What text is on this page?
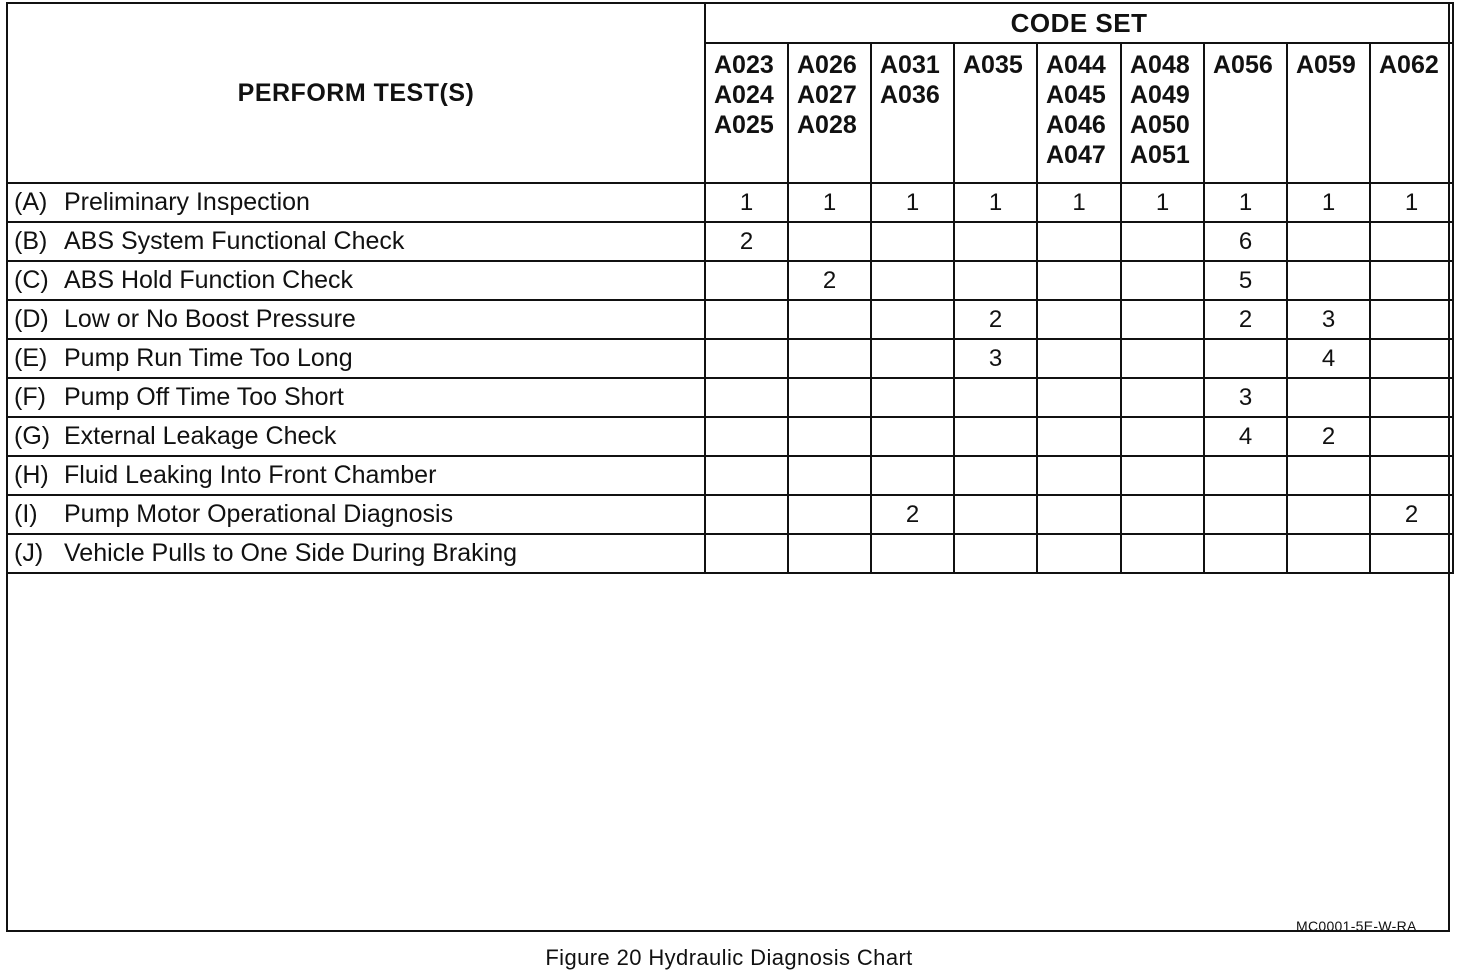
PERFORM TEST(S)	CODE SET								

	A023
A024
A025	A026
A027
A028	A031
A036	A035	A044
A045
A046
A047	A048
A049
A050
A051	A056	A059	A062

(A) Preliminary Inspection	1	1	1	1	1	1	1	1	1
(B) ABS System Functional Check	2						6		
(C) ABS Hold Function Check		2					5		
(D) Low or No Boost Pressure				2			2	3	
(E) Pump Run Time Too Long				3				4	
(F) Pump Off Time Too Short							3		
(G) External Leakage Check							4	2	
(H) Fluid Leaking Into Front Chamber									
(I) Pump Motor Operational Diagnosis			2						2
(J) Vehicle Pulls to One Side During Braking									
MC0001-5E-W-RA
Figure 20 Hydraulic Diagnosis Chart
